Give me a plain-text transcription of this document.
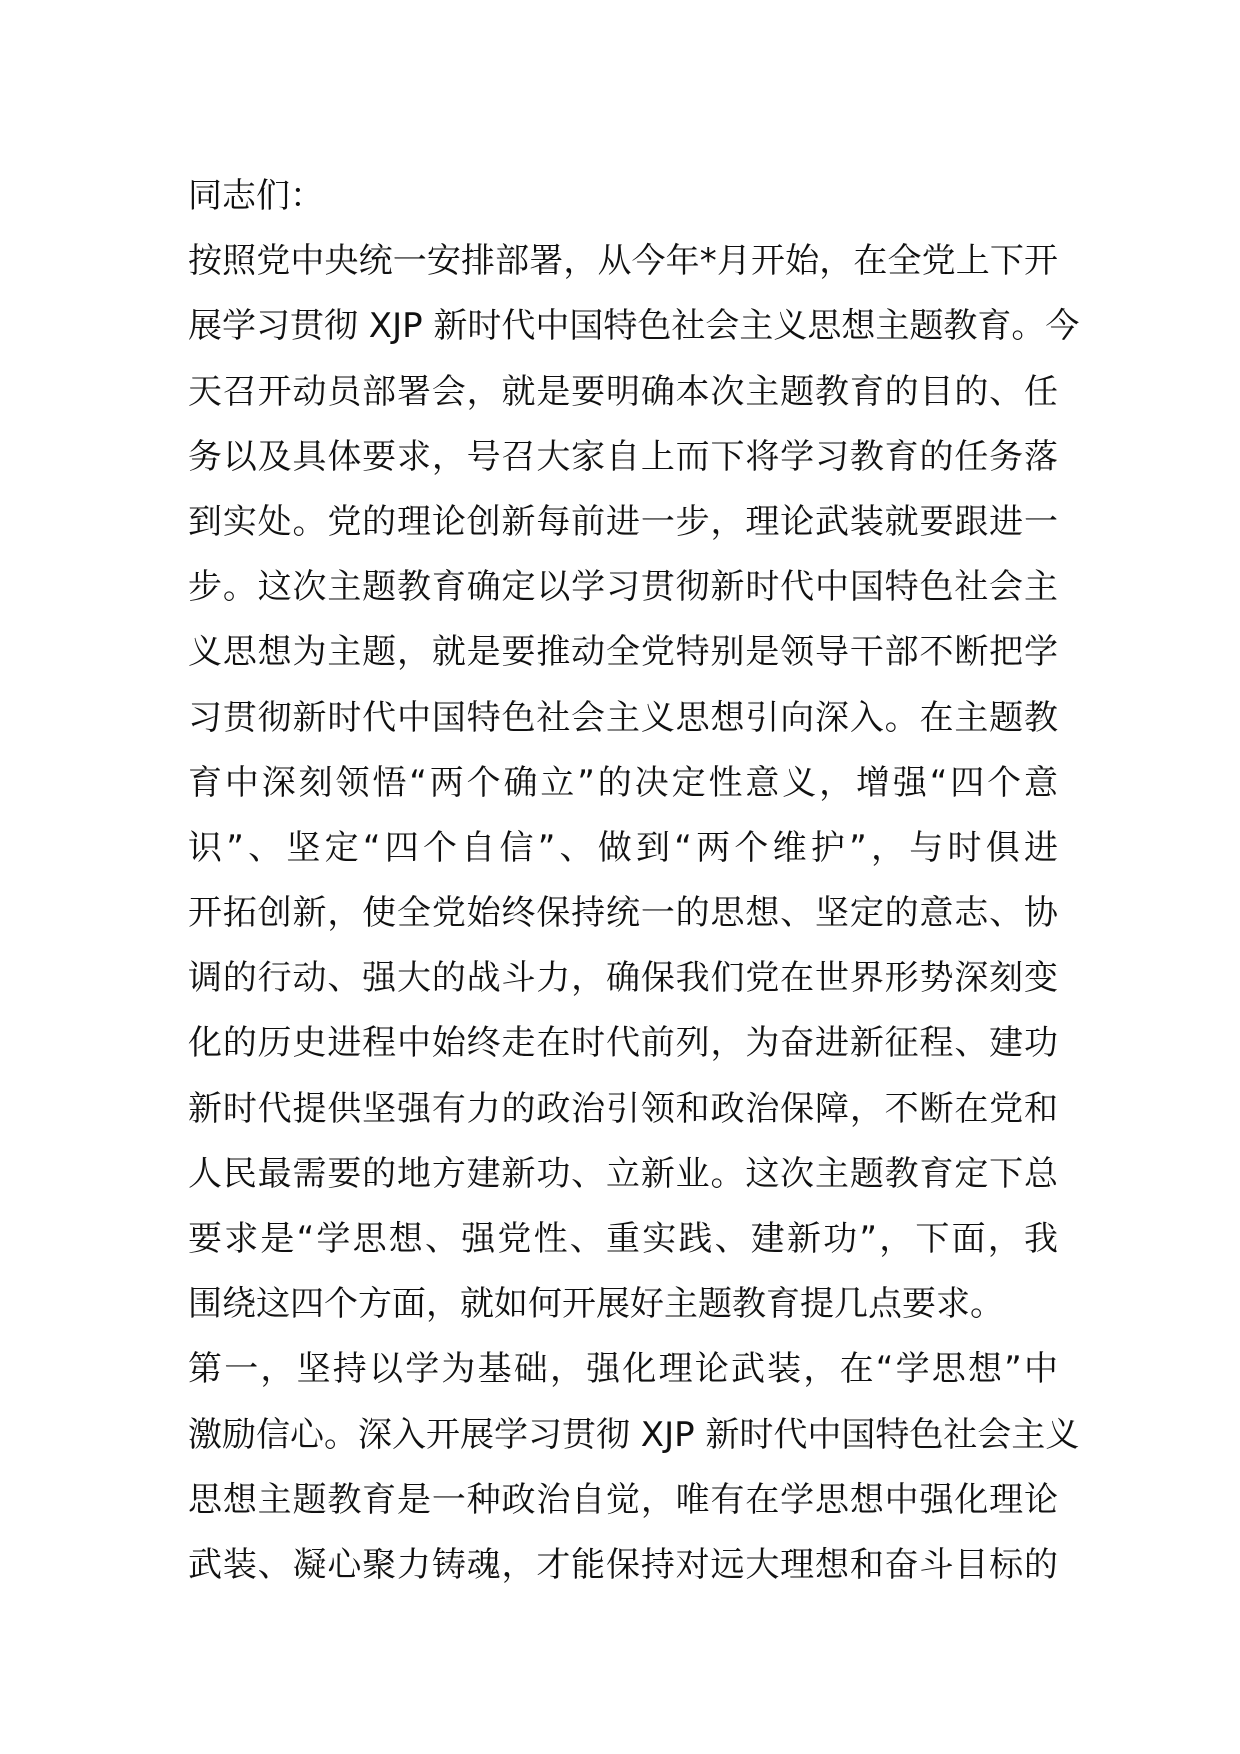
同志们：
按照党中央统一安排部署，从今年*月开始，在全党上下开
展学习贯彻 XJP 新时代中国特色社会主义思想主题教育。今
天召开动员部署会，就是要明确本次主题教育的目的、任
务以及具体要求，号召大家自上而下将学习教育的任务落
到实处。党的理论创新每前进一步，理论武装就要跟进一
步。这次主题教育确定以学习贯彻新时代中国特色社会主
义思想为主题，就是要推动全党特别是领导干部不断把学
习贯彻新时代中国特色社会主义思想引向深入。在主题教
育中深刻领悟“两个确立”的决定性意义，增强“四个意
识”、坚定“四个自信”、做到“两个维护”，与时俱进
开拓创新，使全党始终保持统一的思想、坚定的意志、协
调的行动、强大的战斗力，确保我们党在世界形势深刻变
化的历史进程中始终走在时代前列，为奋进新征程、建功
新时代提供坚强有力的政治引领和政治保障，不断在党和
人民最需要的地方建新功、立新业。这次主题教育定下总
要求是“学思想、强党性、重实践、建新功”，下面，我
围绕这四个方面，就如何开展好主题教育提几点要求。
第一，坚持以学为基础，强化理论武装，在“学思想”中
激励信心。深入开展学习贯彻 XJP 新时代中国特色社会主义
思想主题教育是一种政治自觉，唯有在学思想中强化理论
武装、凝心聚力铸魂，才能保持对远大理想和奋斗目标的
